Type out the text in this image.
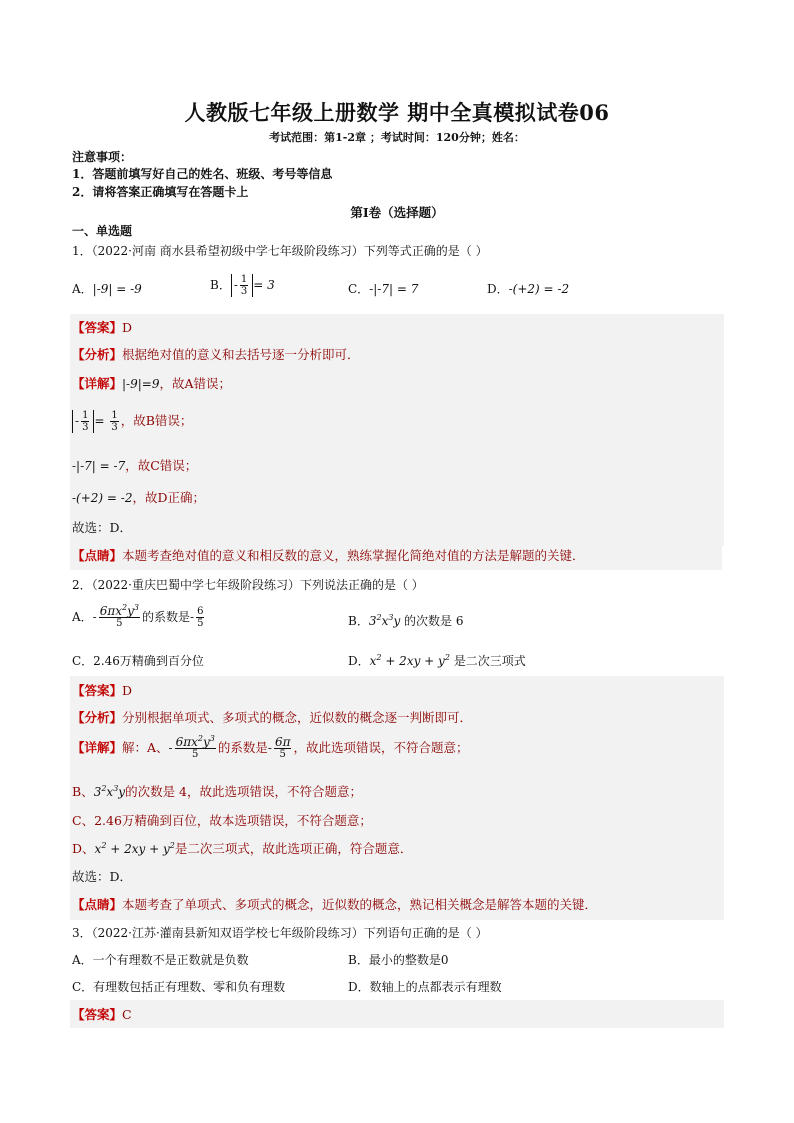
人教版七年级上册数学 期中全真模拟试卷06
考试范围：第1-2章 ；考试时间：120分钟；姓名：
注意事项：
1．答题前填写好自己的姓名、班级、考号等信息
2．请将答案正确填写在答题卡上
第I卷（选择题）
一、单选题
1．（2022·河南 商水县希望初级中学七年级阶段练习）下列等式正确的是（ ）
A．|-9| = -9	B． - $\frac{1}{3} = 3$	C．-|-7| = 7	D．-(+2) = -2
【答案】D
【分析】根据绝对值的意义和去括号逐一分析即可．
【详解】|-9|=9，故A错误；
- $\frac{1}{3} = \frac{1}{3}$ ，故B错误；
-|-7| = -7，故C错误；
-(+2) = -2，故D正确；
故选：D．
【点睛】本题考查绝对值的意义和相反数的意义，熟练掌握化简绝对值的方法是解题的关键．
2．（2022·重庆巴蜀中学七年级阶段练习）下列说法正确的是（ ）
A．- $\frac{6\pi x^2y^3}{5}$ 的系数是- $\frac{6}{5}$	B．$3^2x^3y$ 的次数是 6
C．2.46万精确到百分位	D．$x^2 + 2xy + y^2$ 是二次三项式
【答案】D
【分析】分别根据单项式、多项式的概念，近似数的概念逐一判断即可．
【详解】解：A、- $\frac{6\pi x^2y^3}{5}$ 的系数是- $\frac{6\pi}{5}$ ，故此选项错误，不符合题意；
B、$3^2x^3y$的次数是 4，故此选项错误，不符合题意；
C、2.46万精确到百位，故本选项错误，不符合题意；
D、$x^2 + 2xy + y^2$是二次三项式，故此选项正确，符合题意．
故选：D．
【点睛】本题考查了单项式、多项式的概念，近似数的概念，熟记相关概念是解答本题的关键．
3．（2022·江苏·灌南县新知双语学校七年级阶段练习）下列语句正确的是（ ）
A．一个有理数不是正数就是负数	B．最小的整数是0
C．有理数包括正有理数、零和负有理数	D．数轴上的点都表示有理数
【答案】C
